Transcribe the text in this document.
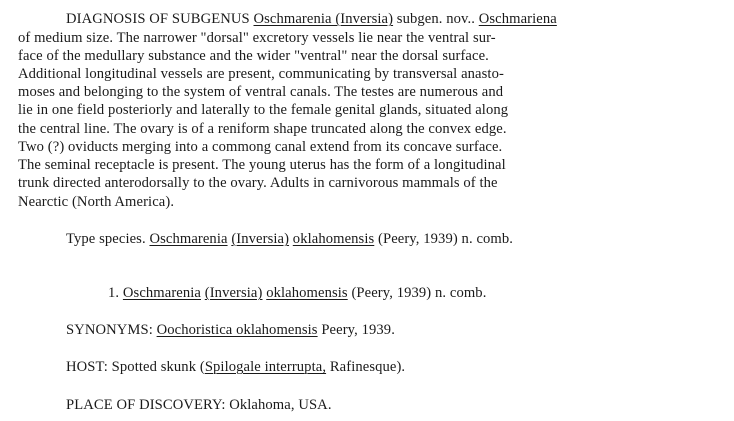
DIAGNOSIS OF SUBGENUS Oschmarenia (Inversia) subgen. nov.. Oschmariena
of medium size. The narrower "dorsal" excretory vessels lie near the ventral sur-
face of the medullary substance and the wider "ventral" near the dorsal surface.
Additional longitudinal vessels are present, communicating by transversal anasto-
moses and belonging to the system of ventral canals. The testes are numerous and
lie in one field posteriorly and laterally to the female genital glands, situated along
the central line. The ovary is of a reniform shape truncated along the convex edge.
Two (?) oviducts merging into a commong canal extend from its concave surface.
The seminal receptacle is present. The young uterus has the form of a longitudinal
trunk directed anterodorsally to the ovary. Adults in carnivorous mammals of the
Nearctic (North America).
Type species. Oschmarenia (Inversia) oklahomensis (Peery, 1939) n. comb.
1. Oschmarenia (Inversia) oklahomensis (Peery, 1939) n. comb.
SYNONYMS: Oochoristica oklahomensis Peery, 1939.
HOST: Spotted skunk (Spilogale interrupta, Rafinesque).
PLACE OF DISCOVERY: Oklahoma, USA.
